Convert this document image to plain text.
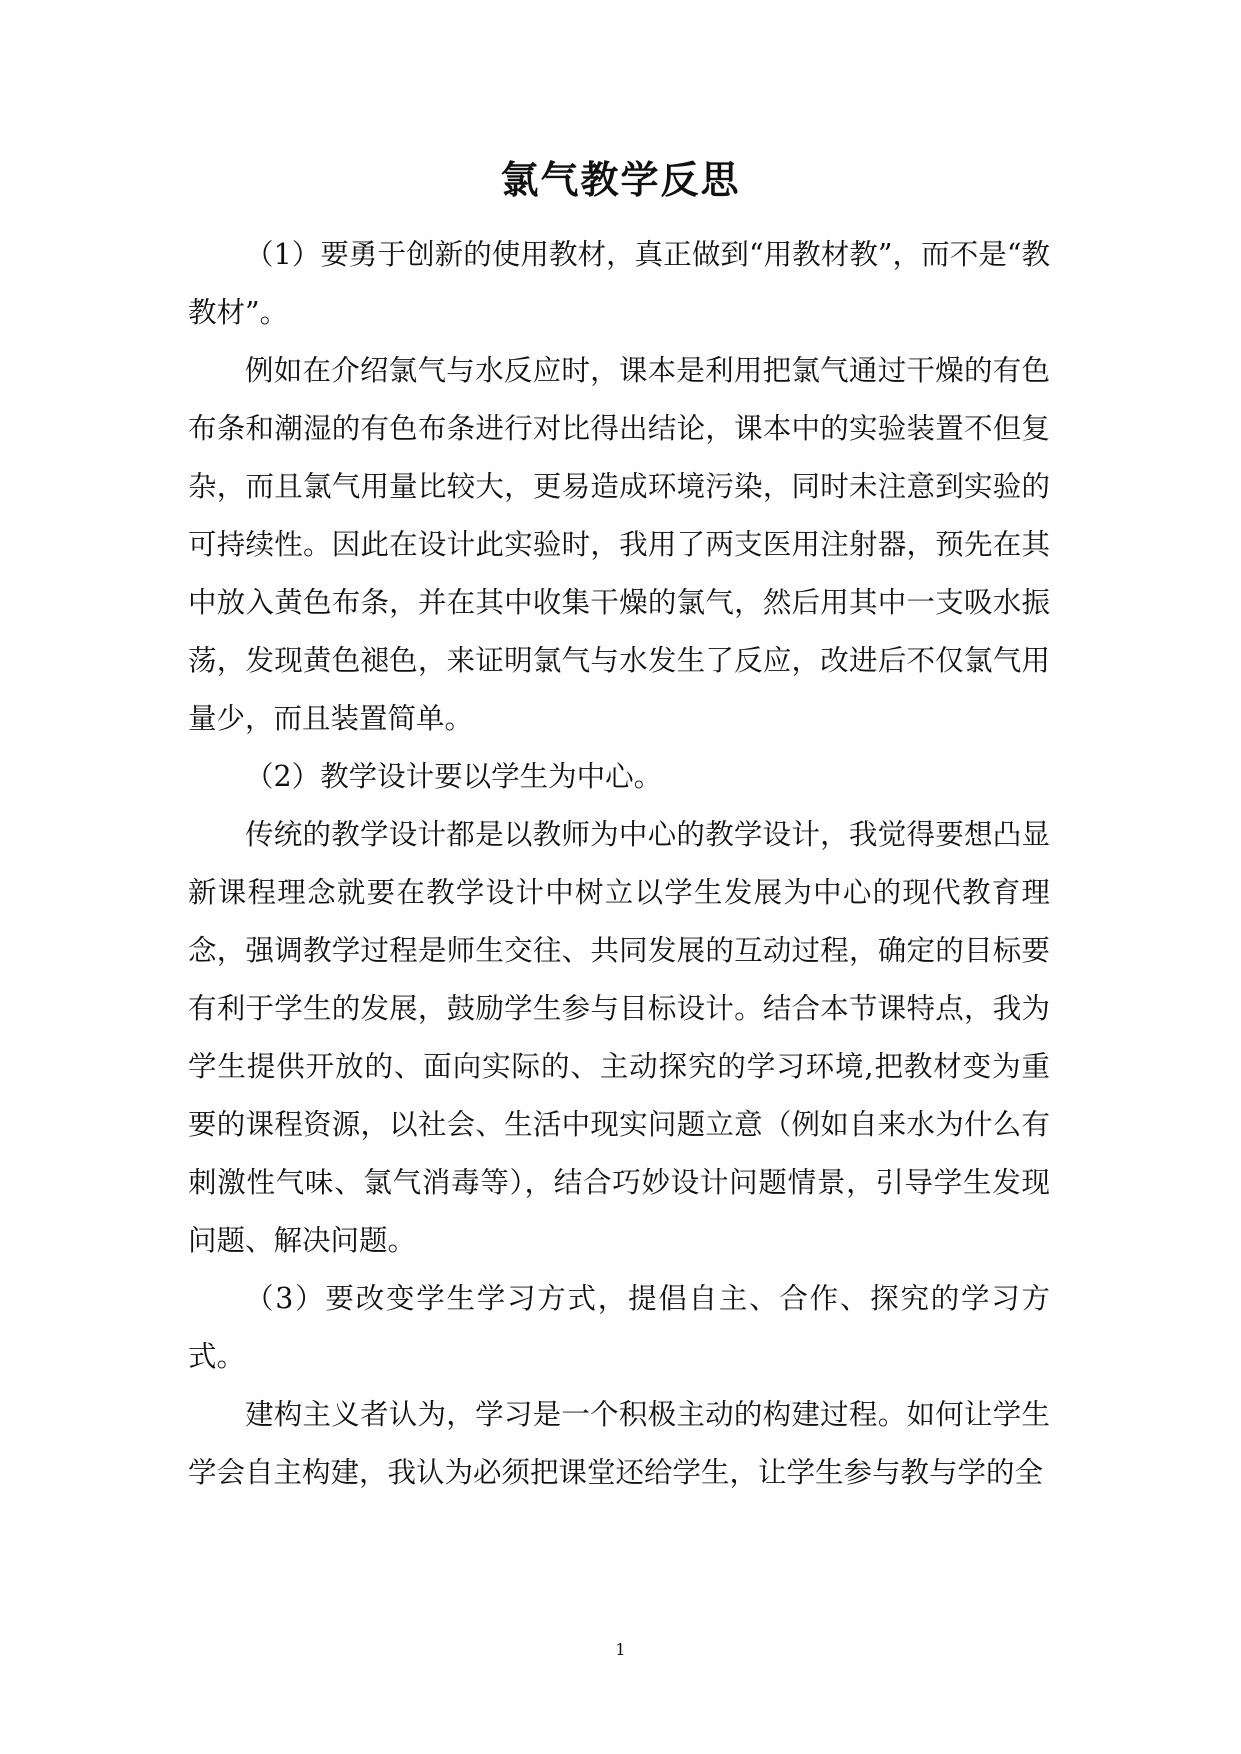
氯气教学反思

（1）要勇于创新的使用教材，真正做到“用教材教”，而不是“教教材”。

例如在介绍氯气与水反应时，课本是利用把氯气通过干燥的有色布条和潮湿的有色布条进行对比得出结论，课本中的实验装置不但复杂，而且氯气用量比较大，更易造成环境污染，同时未注意到实验的可持续性。因此在设计此实验时，我用了两支医用注射器，预先在其中放入黄色布条，并在其中收集干燥的氯气，然后用其中一支吸水振荡，发现黄色褪色，来证明氯气与水发生了反应，改进后不仅氯气用量少，而且装置简单。

（2）教学设计要以学生为中心。

传统的教学设计都是以教师为中心的教学设计，我觉得要想凸显新课程理念就要在教学设计中树立以学生发展为中心的现代教育理念，强调教学过程是师生交往、共同发展的互动过程，确定的目标要有利于学生的发展，鼓励学生参与目标设计。结合本节课特点，我为学生提供开放的、面向实际的、主动探究的学习环境,把教材变为重要的课程资源，以社会、生活中现实问题立意（例如自来水为什么有刺激性气味、氯气消毒等），结合巧妙设计问题情景，引导学生发现问题、解决问题。

（3）要改变学生学习方式，提倡自主、合作、探究的学习方式。

建构主义者认为，学习是一个积极主动的构建过程。如何让学生学会自主构建，我认为必须把课堂还给学生，让学生参与教与学的全

1
